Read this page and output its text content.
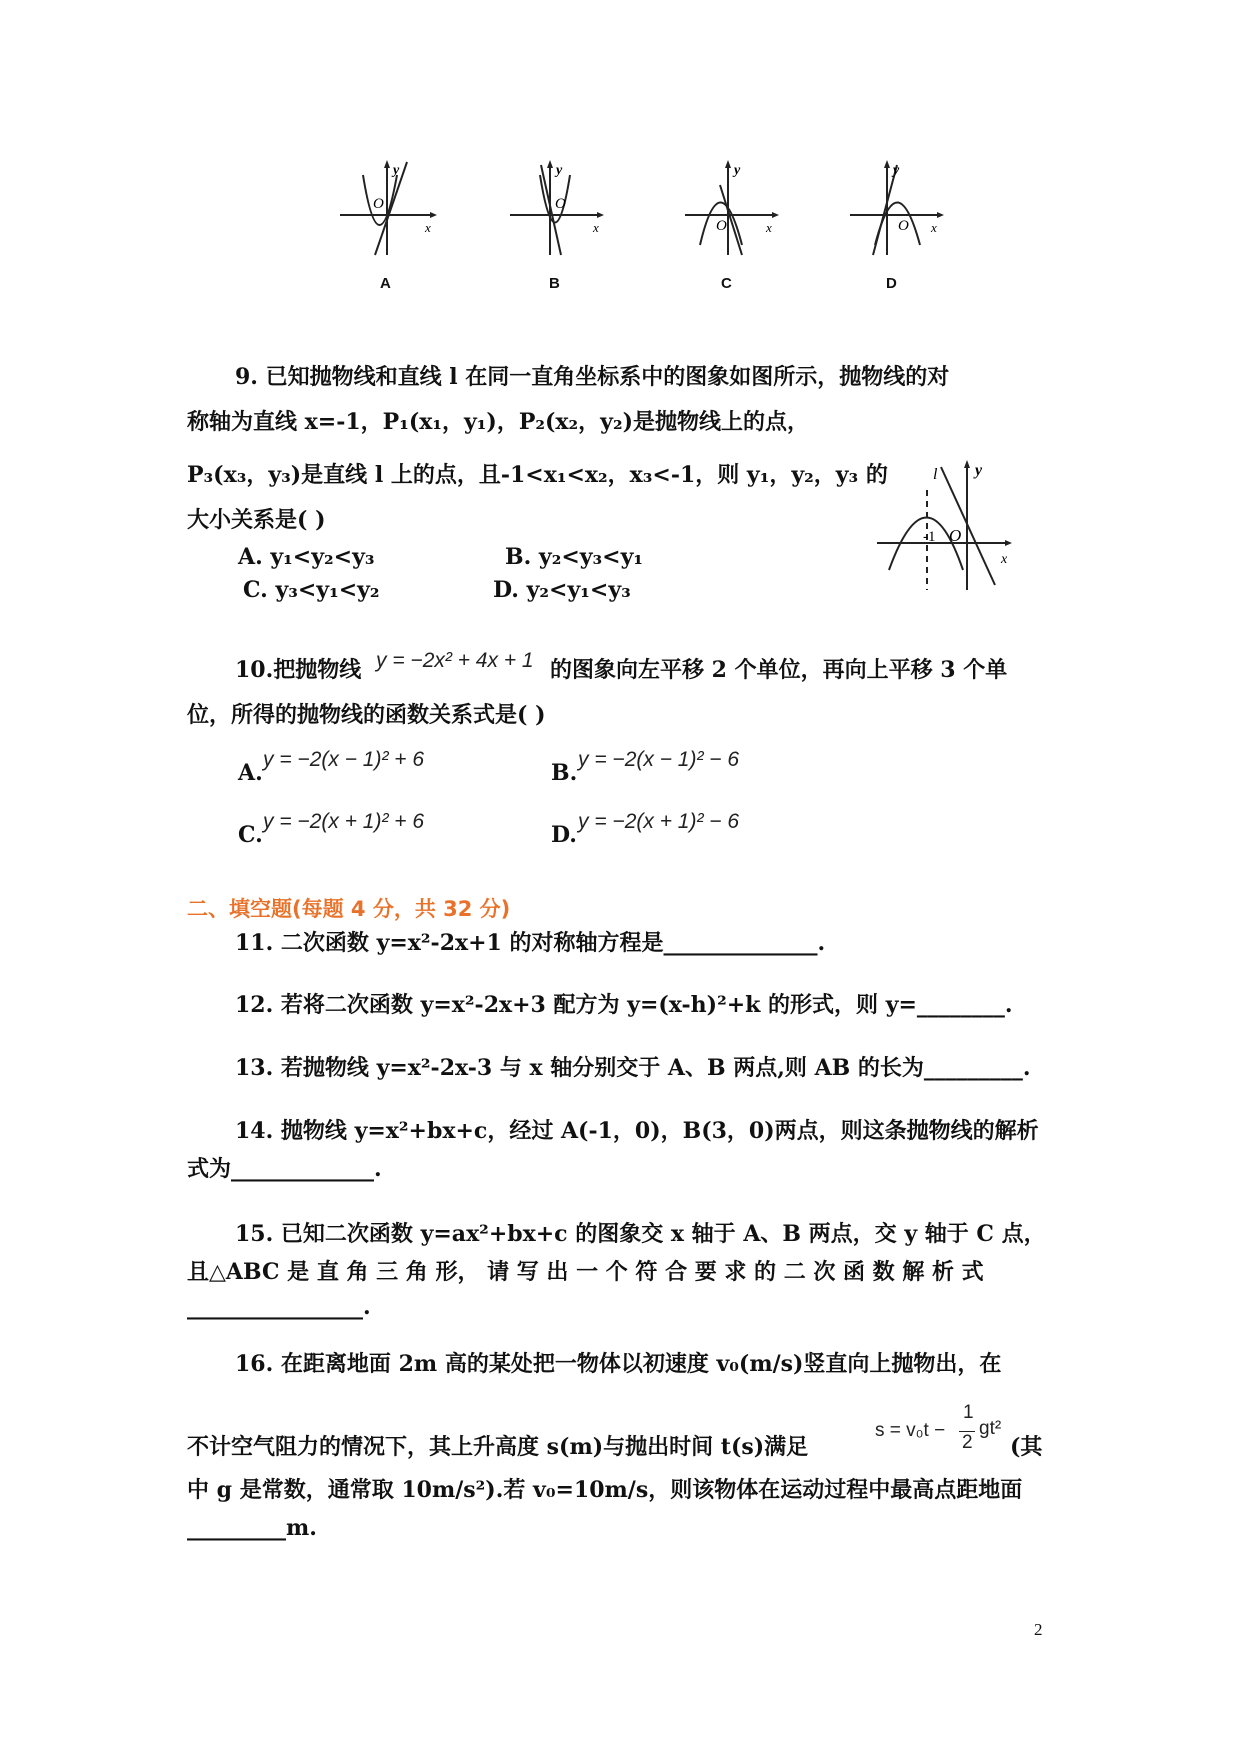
y
x
O
A
y
x
O
B
y
x
O
C
y
x
O
D
9. 已知抛物线和直线 l 在同一直角坐标系中的图象如图所示，抛物线的对
称轴为直线 x=-1，P₁(x₁，y₁)，P₂(x₂，y₂)是抛物线上的点，
P₃(x₃，y₃)是直线 l 上的点，且-1<x₁<x₂，x₃<-1，则 y₁，y₂，y₃ 的
大小关系是( )
A. y₁<y₂<y₃	B. y₂<y₃<y₁
C. y₃<y₁<y₂	D. y₂<y₁<y₃
l y
x
-1 O
10.把抛物线 y = −2x² + 4x + 1 的图象向左平移 2 个单位，再向上平移 3 个单
位，所得的抛物线的函数关系式是( )
A.
y = −2(x − 1)² + 6
B.
y = −2(x − 1)² − 6
C.
y = −2(x + 1)² + 6
D.
y = −2(x + 1)² − 6
二、填空题(每题 4 分，共 32 分)
11. 二次函数 y=x²-2x+1 的对称轴方程是______________.
12. 若将二次函数 y=x²-2x+3 配方为 y=(x-h)²+k 的形式，则 y=________.
13. 若抛物线 y=x²-2x-3 与 x 轴分别交于 A、B 两点,则 AB 的长为_________.
14. 抛物线 y=x²+bx+c，经过 A(-1，0)，B(3，0)两点，则这条抛物线的解析
式为_____________.
15. 已知二次函数 y=ax²+bx+c 的图象交 x 轴于 A、B 两点，交 y 轴于 C 点，
且△ABC 是 直 角 三 角 形， 请 写 出 一 个 符 合 要 求 的 二 次 函 数 解 析 式
________________.
16. 在距离地面 2m 高的某处把一物体以初速度 v₀(m/s)竖直向上抛物出，在
不计空气阻力的情况下，其上升高度 s(m)与抛出时间 t(s)满足
s = v₀t −
1
2
gt²
(其
中 g 是常数，通常取 10m/s²).若 v₀=10m/s，则该物体在运动过程中最高点距地面
_________m.
2
